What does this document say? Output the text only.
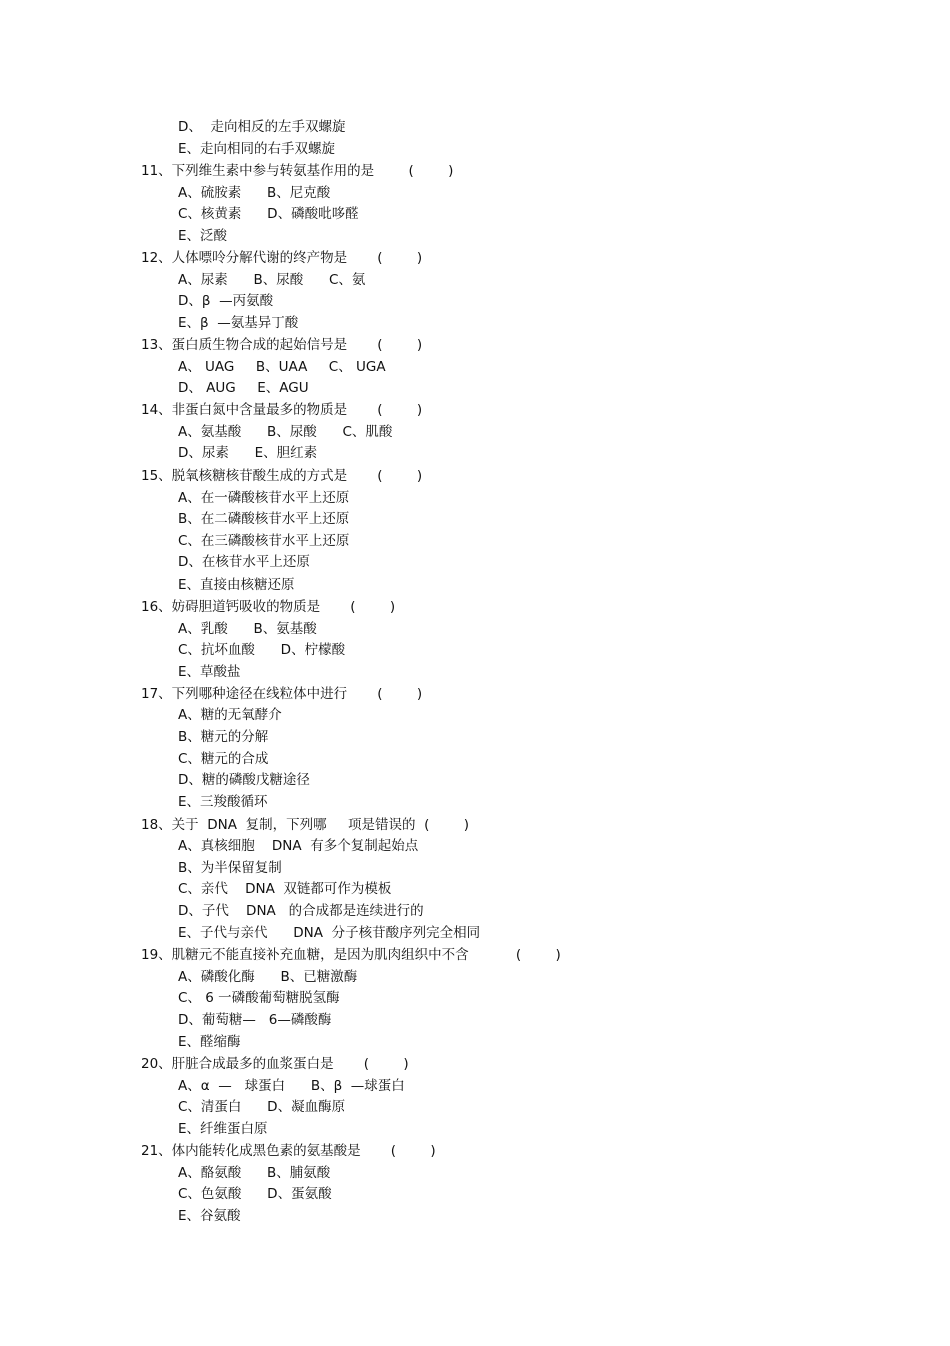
D、  走向相反的左手双螺旋
E、走向相同的右手双螺旋
11、下列维生素中参与转氨基作用的是        (        )
A、硫胺素      B、尼克酸
C、核黄素      D、磷酸吡哆醛
E、泛酸
12、人体嘌呤分解代谢的终产物是       (        )
A、尿素      B、尿酸      C、氨
D、β  —丙氨酸
E、β  —氨基异丁酸
13、蛋白质生物合成的起始信号是       (        )
A、 UAG     B、UAA     C、 UGA
D、 AUG     E、AGU
14、非蛋白氮中含量最多的物质是       (        )
A、氨基酸      B、尿酸      C、肌酸
D、尿素      E、胆红素
15、脱氧核糖核苷酸生成的方式是       (        )
A、在一磷酸核苷水平上还原
B、在二磷酸核苷水平上还原
C、在三磷酸核苷水平上还原
D、在核苷水平上还原
E、直接由核糖还原
16、妨碍胆道钙吸收的物质是       (        )
A、乳酸      B、氨基酸
C、抗坏血酸      D、柠檬酸
E、草酸盐
17、下列哪种途径在线粒体中进行       (        )
A、糖的无氧酵介
B、糖元的分解
C、糖元的合成
D、糖的磷酸戊糖途径
E、三羧酸循环
18、关于  DNA  复制，下列哪     项是错误的  (        )
A、真核细胞    DNA  有多个复制起始点
B、为半保留复制
C、亲代    DNA  双链都可作为模板
D、子代    DNA   的合成都是连续进行的
E、子代与亲代      DNA  分子核苷酸序列完全相同
19、肌糖元不能直接补充血糖，是因为肌肉组织中不含           (        )
A、磷酸化酶      B、已糖激酶
C、 6 一磷酸葡萄糖脱氢酶
D、葡萄糖—   6—磷酸酶
E、醛缩酶
20、肝脏合成最多的血浆蛋白是       (        )
A、α  —   球蛋白      B、β  —球蛋白
C、清蛋白      D、凝血酶原
E、纤维蛋白原
21、体内能转化成黑色素的氨基酸是       (        )
A、酪氨酸      B、脯氨酸
C、色氨酸      D、蛋氨酸
E、谷氨酸
